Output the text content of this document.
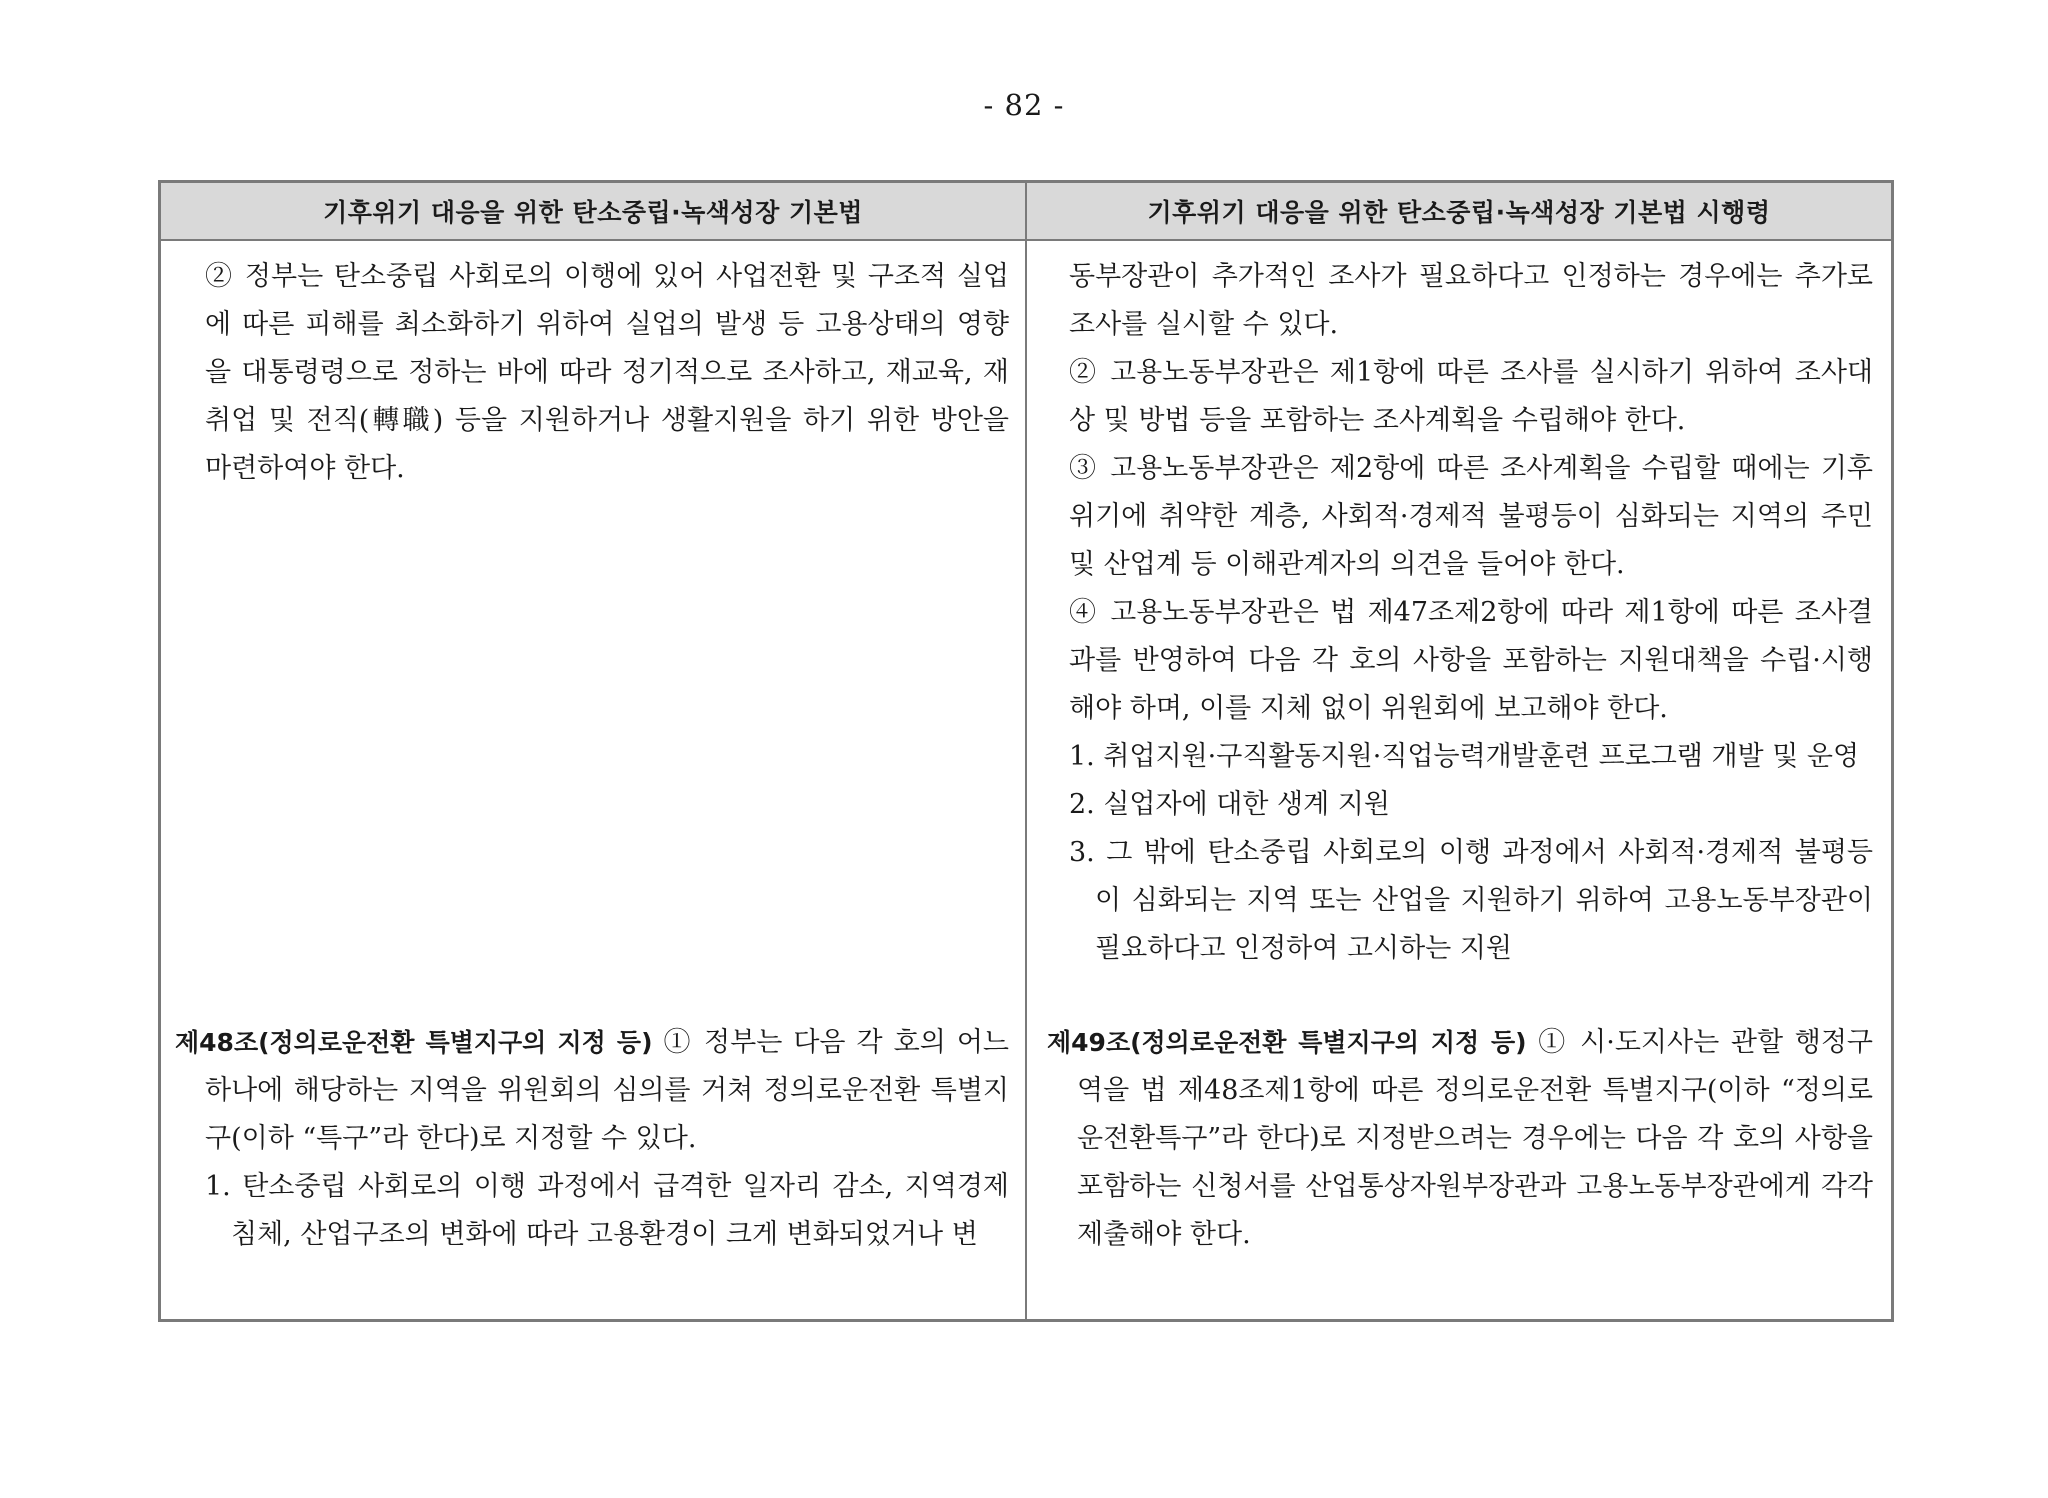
- 82 -
기후위기 대응을 위한 탄소중립·녹색성장 기본법	기후위기 대응을 위한 탄소중립·녹색성장 기본법 시행령

② 정부는 탄소중립 사회로의 이행에 있어 사업전환 및 구조적 실업에 따른 피해를 최소화하기 위하여 실업의 발생 등 고용상태의 영향을 대통령령으로 정하는 바에 따라 정기적으로 조사하고, 재교육, 재취업 및 전직(轉職) 등을 지원하거나 생활지원을 하기 위한 방안을 마련하여야 한다.

동부장관이 추가적인 조사가 필요하다고 인정하는 경우에는 추가로 조사를 실시할 수 있다.

② 고용노동부장관은 제1항에 따른 조사를 실시하기 위하여 조사대상 및 방법 등을 포함하는 조사계획을 수립해야 한다.

③ 고용노동부장관은 제2항에 따른 조사계획을 수립할 때에는 기후위기에 취약한 계층, 사회적·경제적 불평등이 심화되는 지역의 주민 및 산업계 등 이해관계자의 의견을 들어야 한다.

④ 고용노동부장관은 법 제47조제2항에 따라 제1항에 따른 조사결과를 반영하여 다음 각 호의 사항을 포함하는 지원대책을 수립·시행해야 하며, 이를 지체 없이 위원회에 보고해야 한다.

1. 취업지원·구직활동지원·직업능력개발훈련 프로그램 개발 및 운영

2. 실업자에 대한 생계 지원

3. 그 밖에 탄소중립 사회로의 이행 과정에서 사회적·경제적 불평등이 심화되는 지역 또는 산업을 지원하기 위하여 고용노동부장관이 필요하다고 인정하여 고시하는 지원

제48조(정의로운전환 특별지구의 지정 등) ① 정부는 다음 각 호의 어느 하나에 해당하는 지역을 위원회의 심의를 거쳐 정의로운전환 특별지구(이하 “특구”라 한다)로 지정할 수 있다.

1. 탄소중립 사회로의 이행 과정에서 급격한 일자리 감소, 지역경제 침체, 산업구조의 변화에 따라 고용환경이 크게 변화되었거나 변

제49조(정의로운전환 특별지구의 지정 등) ① 시·도지사는 관할 행정구역을 법 제48조제1항에 따른 정의로운전환 특별지구(이하 “정의로운전환특구”라 한다)로 지정받으려는 경우에는 다음 각 호의 사항을 포함하는 신청서를 산업통상자원부장관과 고용노동부장관에게 각각 제출해야 한다.
